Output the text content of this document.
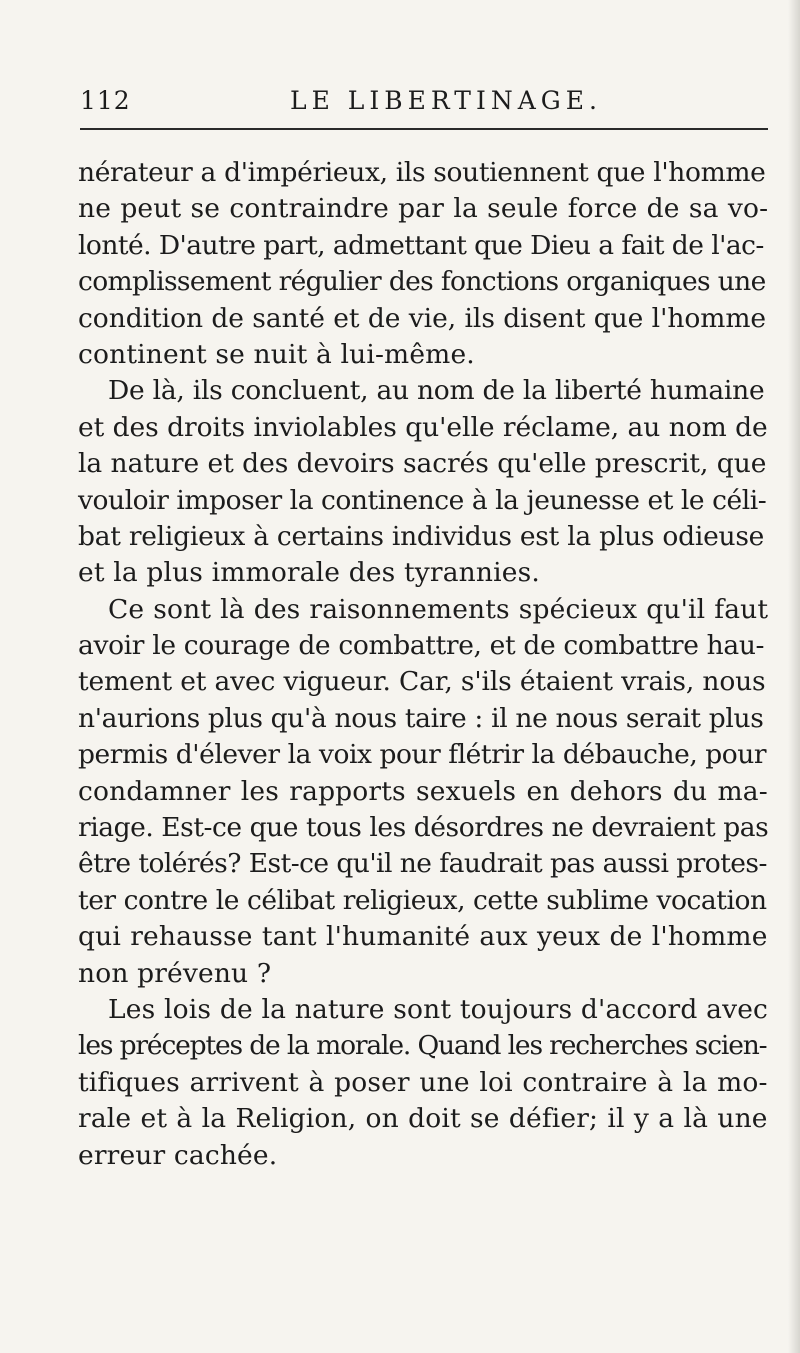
112	LE LIBERTINAGE.
nérateur a d'impérieux, ils soutiennent que l'homme
ne peut se contraindre par la seule force de sa vo-
lonté. D'autre part, admettant que Dieu a fait de l'ac-
complissement régulier des fonctions organiques une
condition de santé et de vie, ils disent que l'homme
continent se nuit à lui-même.
De là, ils concluent, au nom de la liberté humaine
et des droits inviolables qu'elle réclame, au nom de
la nature et des devoirs sacrés qu'elle prescrit, que
vouloir imposer la continence à la jeunesse et le céli-
bat religieux à certains individus est la plus odieuse
et la plus immorale des tyrannies.
Ce sont là des raisonnements spécieux qu'il faut
avoir le courage de combattre, et de combattre hau-
tement et avec vigueur. Car, s'ils étaient vrais, nous
n'aurions plus qu'à nous taire : il ne nous serait plus
permis d'élever la voix pour flétrir la débauche, pour
condamner les rapports sexuels en dehors du ma-
riage. Est-ce que tous les désordres ne devraient pas
être tolérés? Est-ce qu'il ne faudrait pas aussi protes-
ter contre le célibat religieux, cette sublime vocation
qui rehausse tant l'humanité aux yeux de l'homme
non prévenu ?
Les lois de la nature sont toujours d'accord avec
les préceptes de la morale. Quand les recherches scien-
tifiques arrivent à poser une loi contraire à la mo-
rale et à la Religion, on doit se défier; il y a là une
erreur cachée.
